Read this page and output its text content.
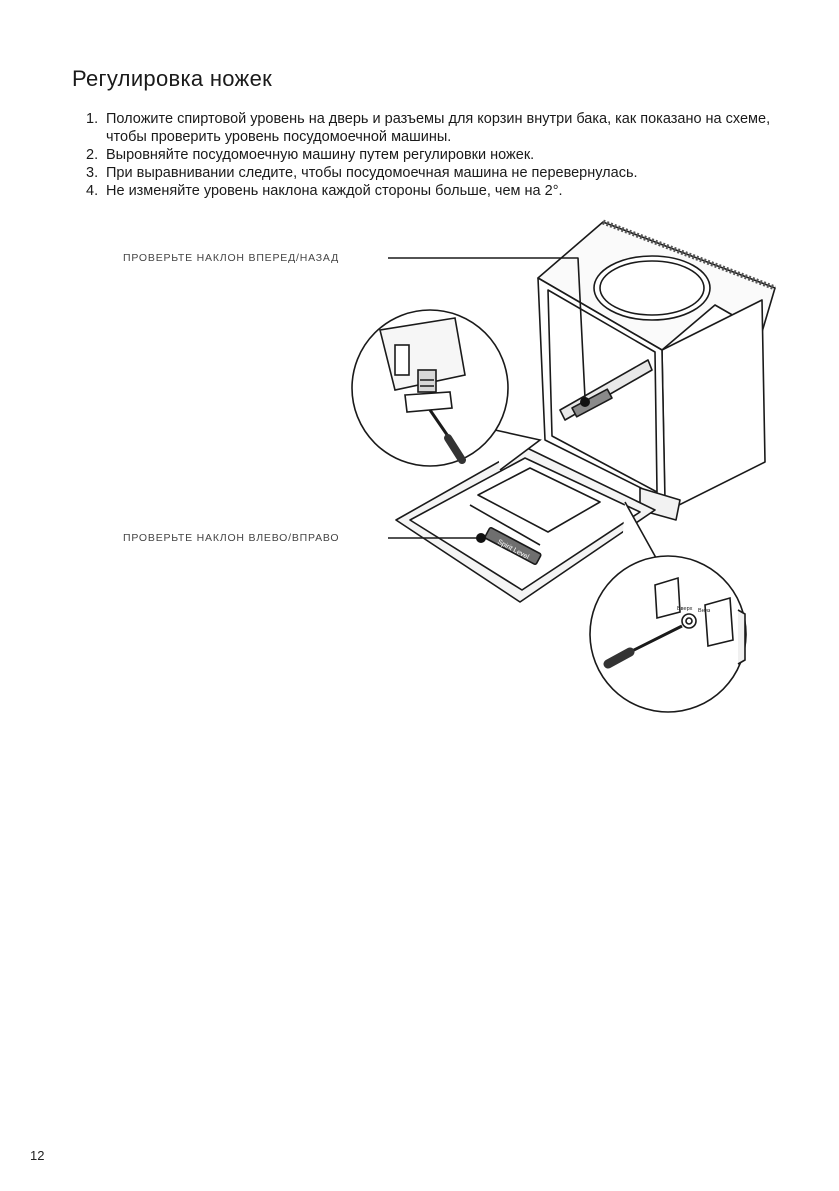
Регулировка ножек
1. Положите спиртовой уровень на дверь и разъемы для корзин внутри бака, как показано на схеме, чтобы проверить уровень посудомоечной машины.
2. Выровняйте посудомоечную машину путем регулировки ножек.
3. При выравнивании следите, чтобы посудомоечная машина не перевернулась.
4. Не изменяйте уровень наклона каждой стороны больше, чем на 2°.
Spirit Level
Вверх Вниз
ПРОВЕРЬТЕ НАКЛОН ВПЕРЕД/НАЗАД
ПРОВЕРЬТЕ НАКЛОН ВЛЕВО/ВПРАВО
12
